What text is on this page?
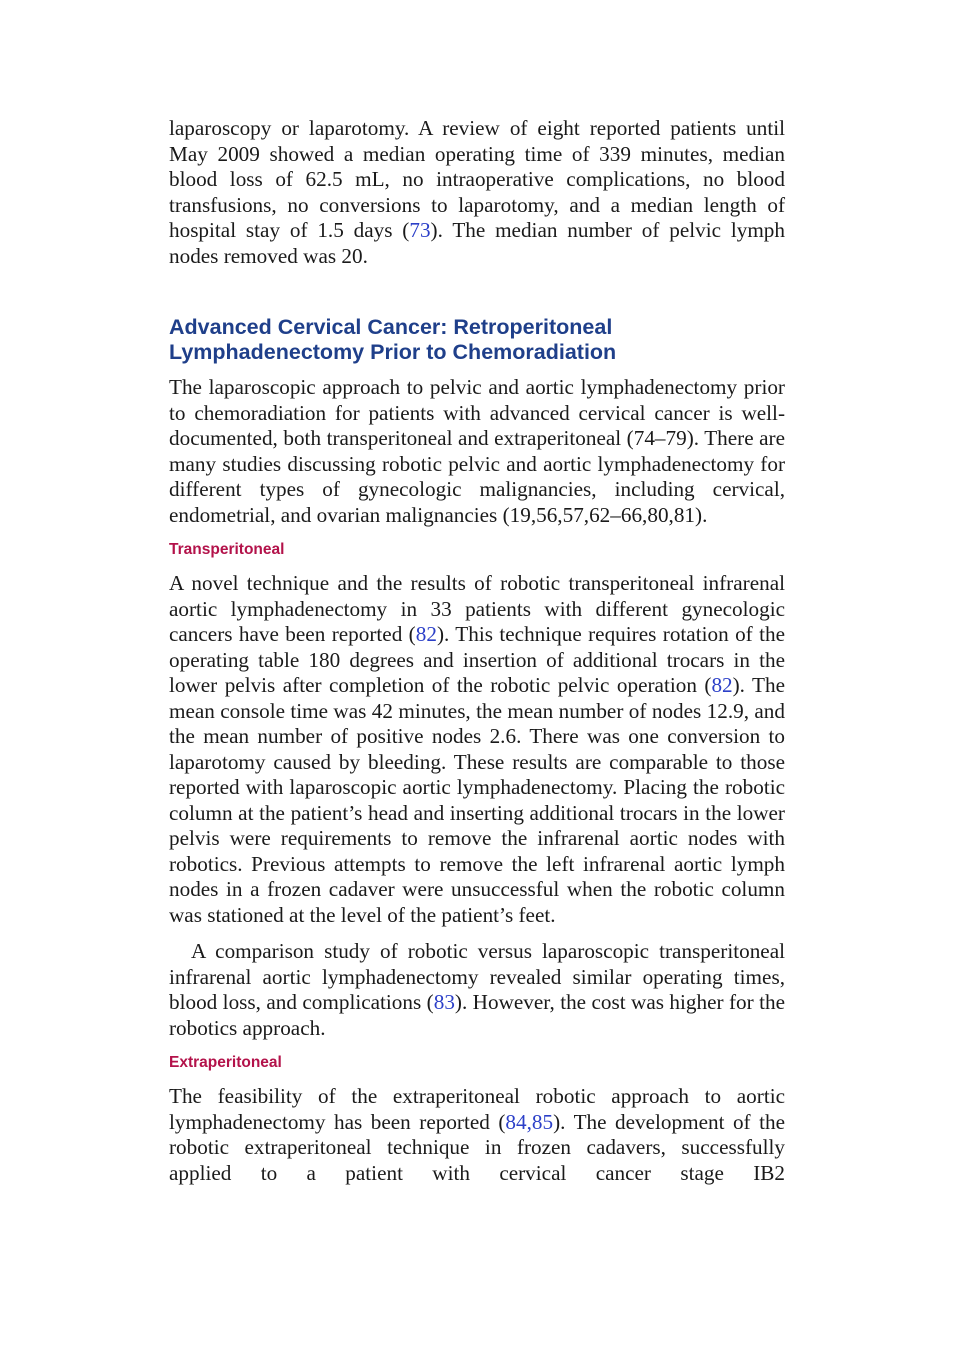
laparoscopy or laparotomy. A review of eight reported patients until May 2009 showed a median operating time of 339 minutes, median blood loss of 62.5 mL, no intraoperative complications, no blood transfusions, no conversions to laparotomy, and a median length of hospital stay of 1.5 days (73). The median number of pelvic lymph nodes removed was 20.

Advanced Cervical Cancer: Retroperitoneal
Lymphadenectomy Prior to Chemoradiation

The laparoscopic approach to pelvic and aortic lymphadenectomy prior to chemoradiation for patients with advanced cervical cancer is well-documented, both transperitoneal and extraperitoneal (74–79). There are many studies discussing robotic pelvic and aortic lymphadenectomy for different types of gynecologic malignancies, including cervical, endometrial, and ovarian malignancies (19,56,57,62–66,80,81).

Transperitoneal

A novel technique and the results of robotic transperitoneal infrarenal aortic lymphadenectomy in 33 patients with different gynecologic cancers have been reported (82). This technique requires rotation of the operating table 180 degrees and insertion of additional trocars in the lower pelvis after completion of the robotic pelvic operation (82). The mean console time was 42 minutes, the mean number of nodes 12.9, and the mean number of positive nodes 2.6. There was one conversion to laparotomy caused by bleeding. These results are comparable to those reported with laparoscopic aortic lymphadenectomy. Placing the robotic column at the patient’s head and inserting additional trocars in the lower pelvis were requirements to remove the infrarenal aortic nodes with robotics. Previous attempts to remove the left infrarenal aortic lymph nodes in a frozen cadaver were unsuccessful when the robotic column was stationed at the level of the patient’s feet.

A comparison study of robotic versus laparoscopic transperitoneal infrarenal aortic lymphadenectomy revealed similar operating times, blood loss, and complications (83). However, the cost was higher for the robotics approach.

Extraperitoneal

The feasibility of the extraperitoneal robotic approach to aortic lymphadenectomy has been reported (84,85). The development of the robotic extraperitoneal technique in frozen cadavers, successfully applied to a patient with cervical cancer stage IB2
